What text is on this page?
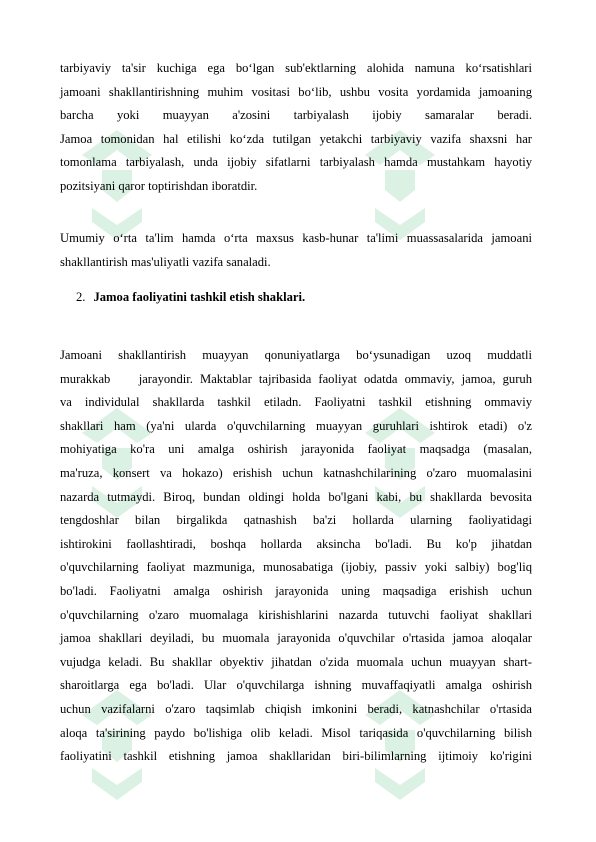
tarbiyaviy ta'sir kuchiga ega bo‘lgan sub'ektlarning alohida namuna ko‘rsatishlari
jamoani shakllantirishning muhim vositasi bo‘lib, ushbu vosita yordamida jamoaning
barcha yoki muayyan a'zosini tarbiyalash ijobiy samaralar beradi.
Jamoa tomonidan hal etilishi ko‘zda tutilgan yetakchi tarbiyaviy vazifa shaxsni har
tomonlama tarbiyalash, unda ijobiy sifatlarni tarbiyalash hamda mustahkam hayotiy
pozitsiyani qaror toptirishdan iboratdir.
Umumiy o‘rta ta'lim hamda o‘rta maxsus kasb-hunar ta'limi muassasalarida jamoani
shakllantirish mas'uliyatli vazifa sanaladi.
2. Jamoa faoliyatini tashkil etish shaklari.
Jamoani shakllantirish muayyan qonuniyatlarga bo‘ysunadigan uzoq muddatli
murakkab    jarayondir. Maktablar tajribasida faoliyat odatda ommaviy, jamoa, guruh
va individulal shakllarda tashkil etiladn. Faoliyatni tashkil etishning ommaviy
shakllari ham (ya'ni ularda o'quvchilarning muayyan guruhlari ishtirok etadi) o'z
mohiyatiga ko'ra uni amalga oshirish jarayonida faoliyat maqsadga (masalan,
ma'ruza, konsert va hokazo) erishish uchun katnashchilarining o'zaro muomalasini
nazarda tutmaydi. Biroq, bundan oldingi holda bo'lgani kabi, bu shakllarda bevosita
tengdoshlar bilan birgalikda qatnashish ba'zi hollarda ularning faoliyatidagi
ishtirokini faollashtiradi, boshqa hollarda aksincha bo'ladi. Bu ko'p jihatdan
o'quvchilarning faoliyat mazmuniga, munosabatiga (ijobiy, passiv yoki salbiy) bog'liq
bo'ladi. Faoliyatni amalga oshirish jarayonida uning maqsadiga erishish uchun
o'quvchilarning o'zaro muomalaga kirishishlarini nazarda tutuvchi faoliyat shakllari
jamoa shakllari deyiladi, bu muomala jarayonida o'quvchilar o'rtasida jamoa aloqalar
vujudga keladi. Bu shakllar obyektiv jihatdan o'zida muomala uchun muayyan shart-
sharoitlarga ega bo'ladi. Ular o'quvchilarga ishning muvaffaqiyatli amalga oshirish
uchun vazifalarni o'zaro taqsimlab chiqish imkonini beradi, katnashchilar o'rtasida
aloqa ta'sirining paydo bo'lishiga olib keladi. Misol tariqasida o'quvchilarning bilish
faoliyatini tashkil etishning jamoa shakllaridan biri-bilimlarning ijtimoiy ko'rigini
